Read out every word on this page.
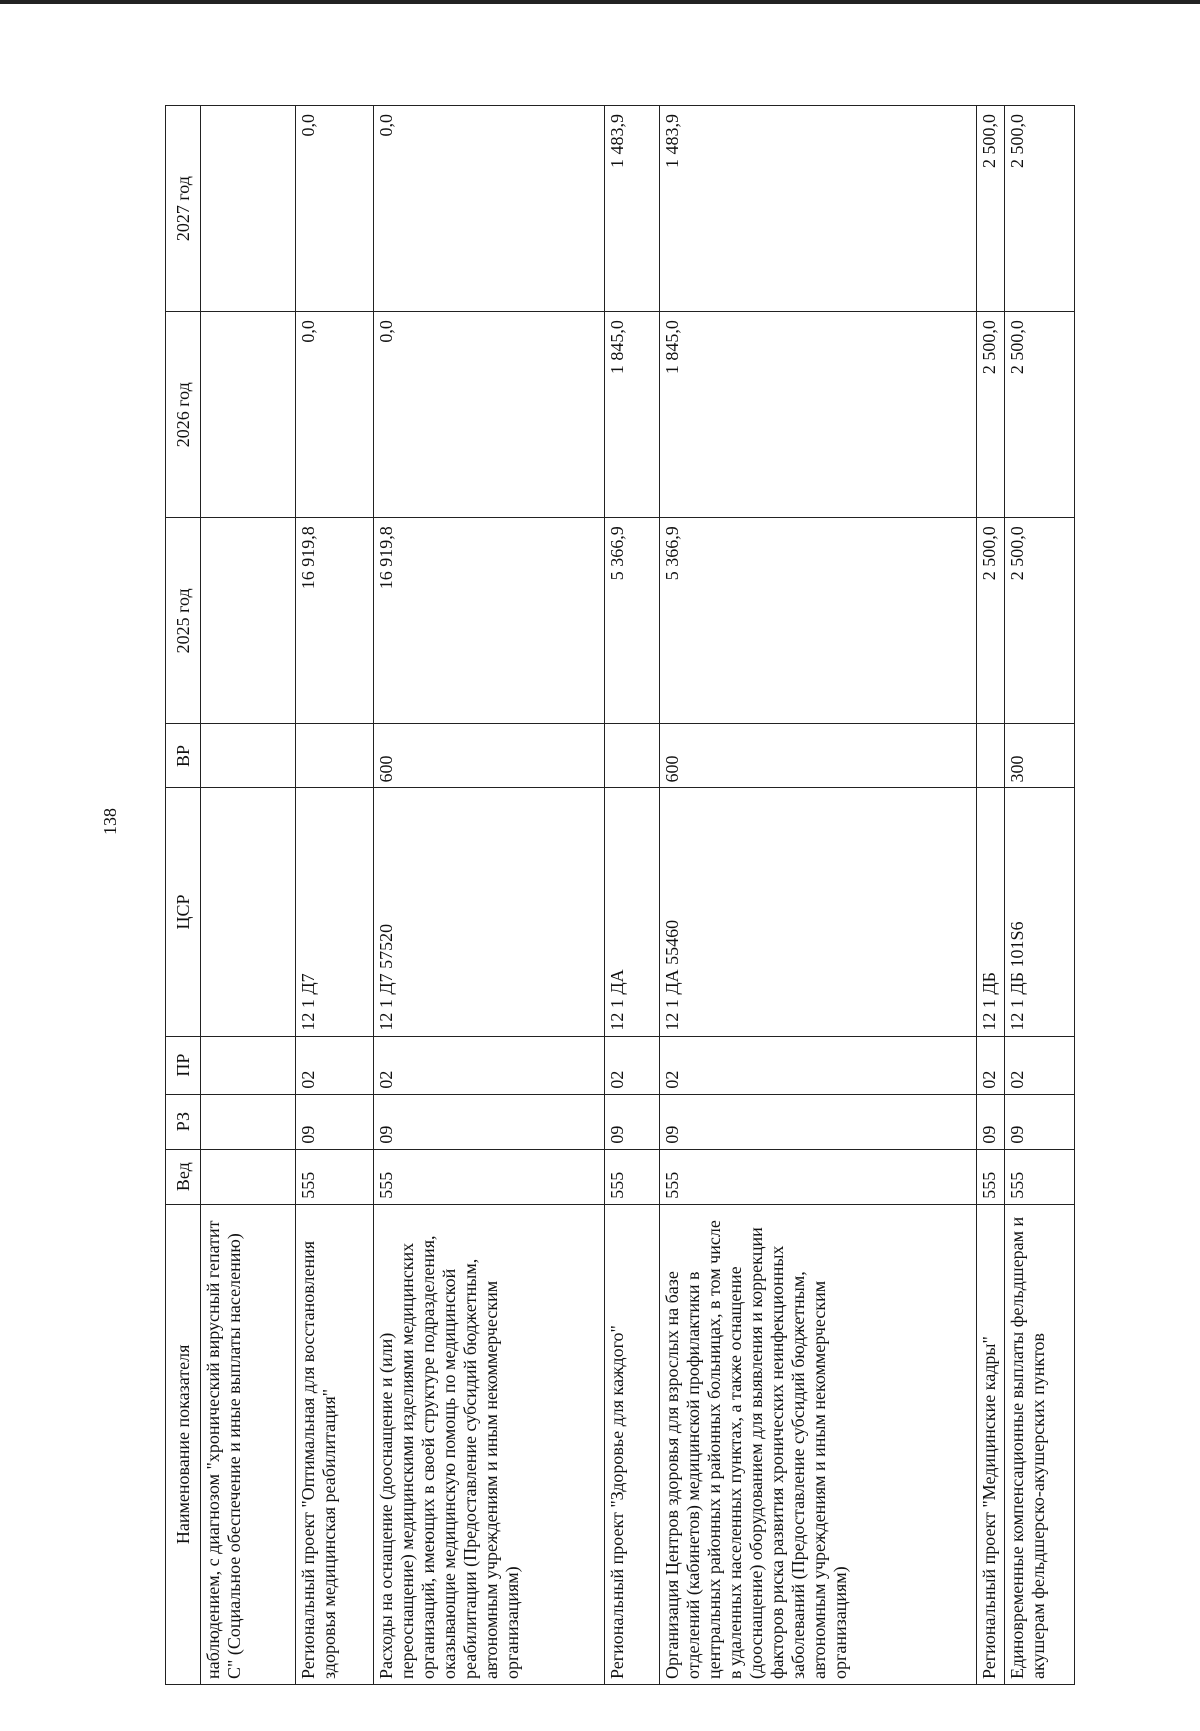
138
Наименование показателя	Вед	РЗ	ПР	ЦСР	ВР	2025 год	2026 год	2027 год
наблюдением, с диагнозом "хронический вирусный гепатит С" (Социальное обеспечение и иные выплаты населению)								
Региональный проект "Оптимальная для восстановления здоровья медицинская реабилитация"	555	09	02	12 1 Д7		16 919,8	0,0	0,0
Расходы на оснащение (дооснащение и (или) переоснащение) медицинскими изделиями медицинских организаций, имеющих в своей структуре подразделения, оказывающие медицинскую помощь по медицинской реабилитации (Предоставление субсидий бюджетным, автономным учреждениям и иным некоммерческим организациям)	555	09	02	12 1 Д7 57520	600	16 919,8	0,0	0,0
Региональный проект "Здоровье для каждого"	555	09	02	12 1 ДА		5 366,9	1 845,0	1 483,9
Организация Центров здоровья для взрослых на базе отделений (кабинетов) медицинской профилактики в центральных районных и районных больницах, в том числе в удаленных населенных пунктах, а также оснащение (дооснащение) оборудованием для выявления и коррекции факторов риска развития хронических неинфекционных заболеваний (Предоставление субсидий бюджетным, автономным учреждениям и иным некоммерческим организациям)	555	09	02	12 1 ДА 55460	600	5 366,9	1 845,0	1 483,9
Региональный проект "Медицинские кадры"	555	09	02	12 1 ДБ		2 500,0	2 500,0	2 500,0
Единовременные компенсационные выплаты фельдшерам и акушерам фельдшерско-акушерских пунктов	555	09	02	12 1 ДБ 101S6	300	2 500,0	2 500,0	2 500,0
